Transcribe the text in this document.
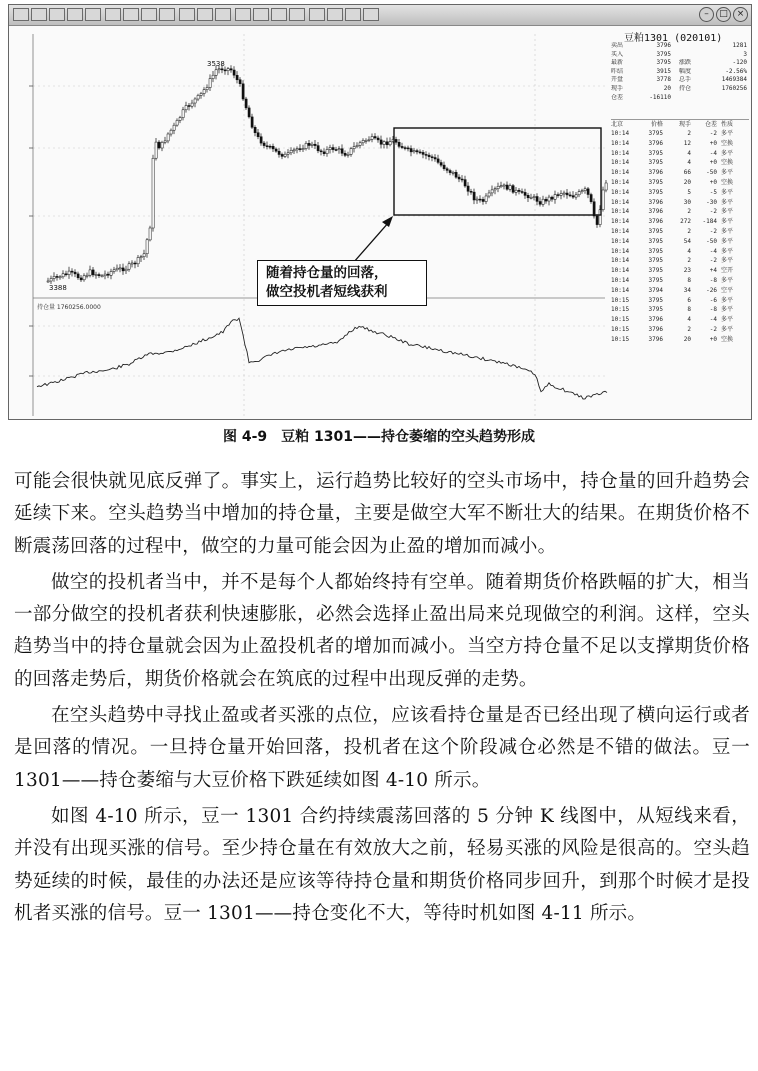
–	□ ×
3538
3388
持仓量 1760256.0000
豆粕1301 (020101)
卖出	3796	1281
买入	3795	3
最新	3795	涨跌	-120
昨结	3915	幅度	-2.56%
开盘	3778	总手	1469384
现手	20	持仓	1760256
仓差	-16110
北京	价格	现手	仓差 性质
10:14	3795	2	-2 多平
10:14	3796	12	+0 空换
10:14	3795	4	-4 多平
10:14	3795	4	+0 空换
10:14	3796	66	-50 多平
10:14	3795	20	+0 空换
10:14	3795	5	-5 多平
10:14	3796	30	-30 多平
10:14	3796	2	-2 多平
10:14	3796	272	-184 多平
10:14	3795	2	-2 多平
10:14	3795	54	-50 多平
10:14	3795	4	-4 多平
10:14	3795	2	-2 多平
10:14	3795	23	+4 空开
10:14	3795	8	-8 多平
10:14	3794	34	-26 空平
10:15	3795	6	-6 多平
10:15	3795	8	-8 多平
10:15	3796	4	-4 多平
10:15	3796	2	-2 多平
10:15	3796	20	+0 空换

随着持仓量的回落，

做空投机者短线获利

图 4-9　豆粕 1301——持仓萎缩的空头趋势形成

可能会很快就见底反弹了。事实上，运行趋势比较好的空头市场中，持仓量的回升趋势会延续下来。空头趋势当中增加的持仓量，主要是做空大军不断壮大的结果。在期货价格不断震荡回落的过程中，做空的力量可能会因为止盈的增加而减小。

做空的投机者当中，并不是每个人都始终持有空单。随着期货价格跌幅的扩大，相当一部分做空的投机者获利快速膨胀，必然会选择止盈出局来兑现做空的利润。这样，空头趋势当中的持仓量就会因为止盈投机者的增加而减小。当空方持仓量不足以支撑期货价格的回落走势后，期货价格就会在筑底的过程中出现反弹的走势。

在空头趋势中寻找止盈或者买涨的点位，应该看持仓量是否已经出现了横向运行或者是回落的情况。一旦持仓量开始回落，投机者在这个阶段减仓必然是不错的做法。豆一 1301——持仓萎缩与大豆价格下跌延续如图 4-10 所示。

如图 4-10 所示，豆一 1301 合约持续震荡回落的 5 分钟 K 线图中，从短线来看，并没有出现买涨的信号。至少持仓量在有效放大之前，轻易买涨的风险是很高的。空头趋势延续的时候，最佳的办法还是应该等待持仓量和期货价格同步回升，到那个时候才是投机者买涨的信号。豆一 1301——持仓变化不大，等待时机如图 4-11 所示。
